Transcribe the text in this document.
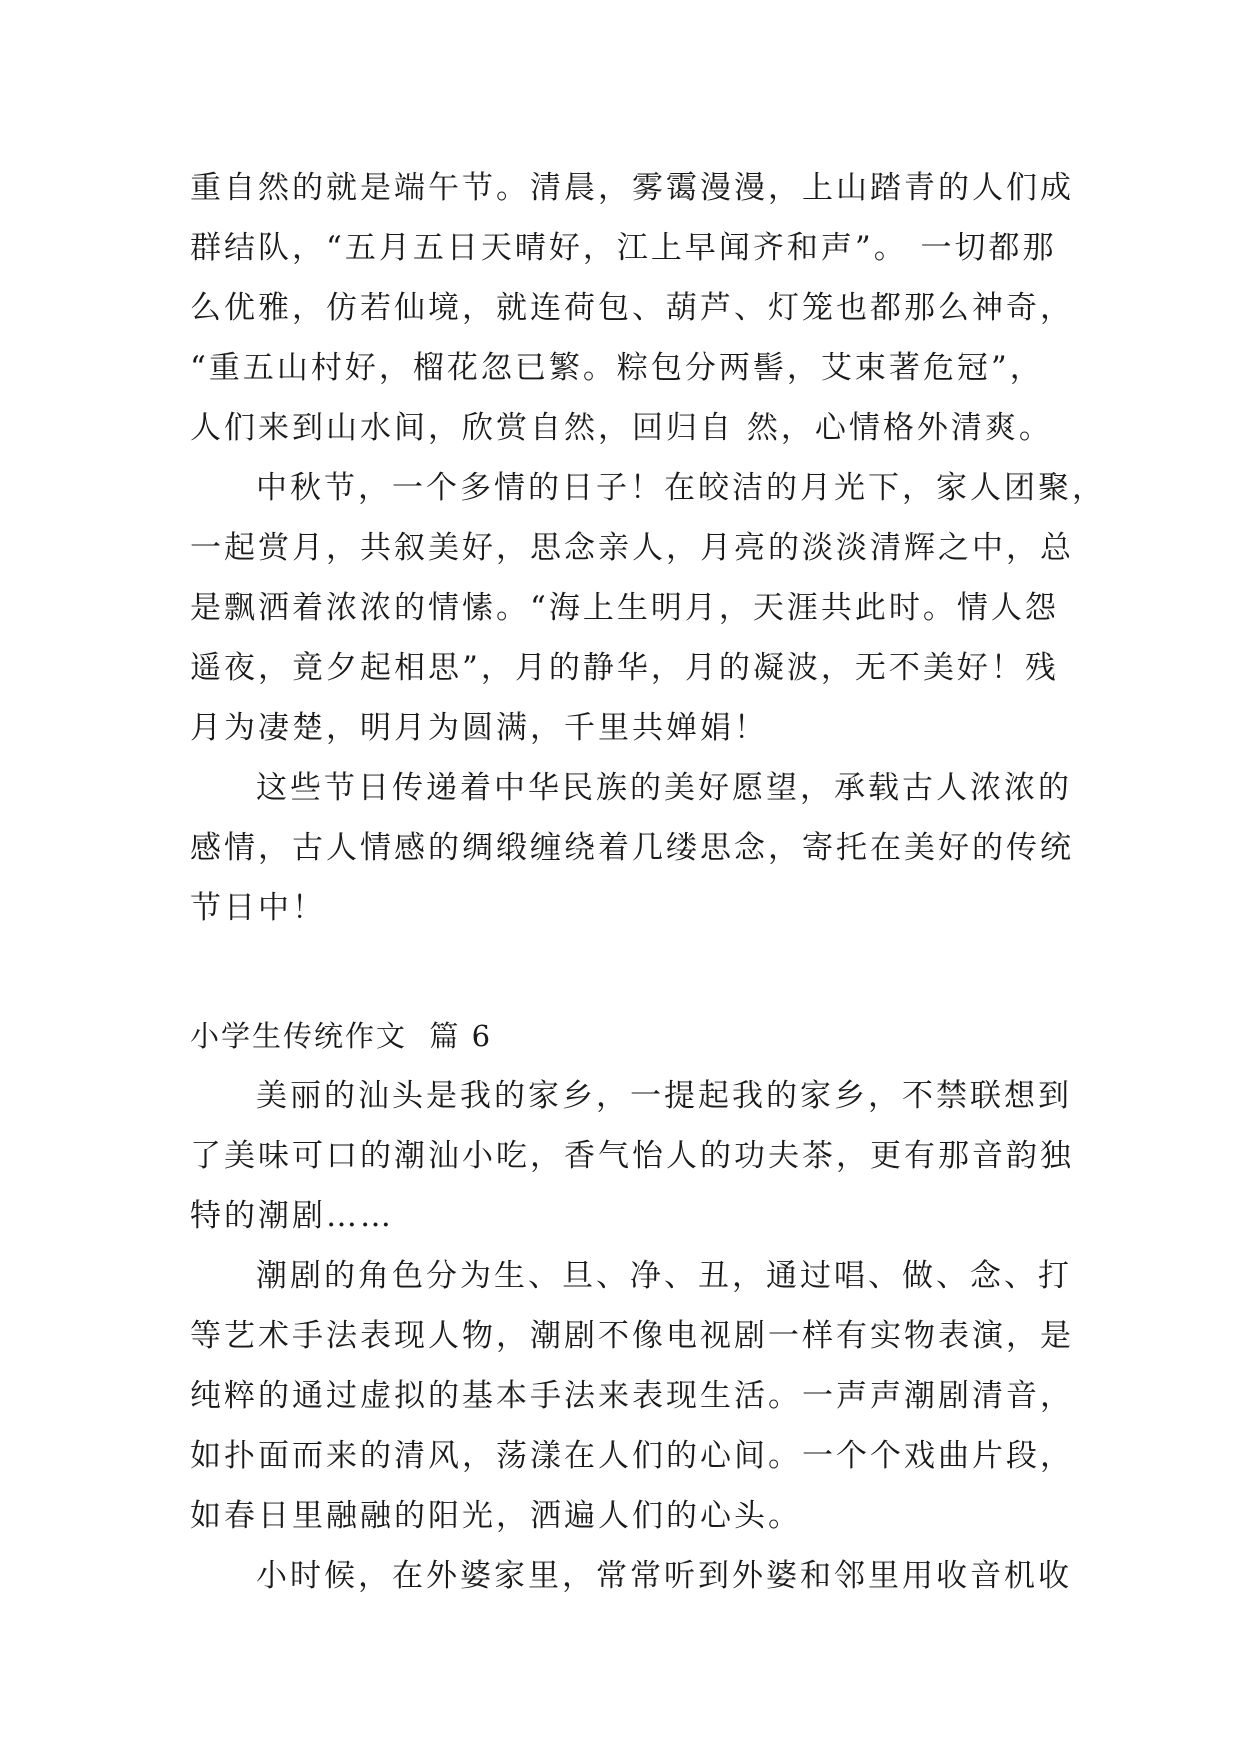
重自然的就是端午节。清晨，雾霭漫漫，上山踏青的人们成
群结队，“五月五日天晴好，江上早闻齐和声”。 一切都那
么优雅，仿若仙境，就连荷包、葫芦、灯笼也都那么神奇，
“重五山村好，榴花忽已繁。粽包分两髻，艾束著危冠”，
人们来到山水间，欣赏自然，回归自 然，心情格外清爽。
中秋节，一个多情的日子！在皎洁的月光下，家人团聚，
一起赏月，共叙美好，思念亲人，月亮的淡淡清辉之中，总
是飘洒着浓浓的情愫。“海上生明月，天涯共此时。情人怨
遥夜，竟夕起相思”，月的静华，月的凝波，无不美好！残
月为凄楚，明月为圆满，千里共婵娟！
这些节日传递着中华民族的美好愿望，承载古人浓浓的
感情，古人情感的绸缎缠绕着几缕思念，寄托在美好的传统
节日中！
小学生传统作文  篇 6
美丽的汕头是我的家乡，一提起我的家乡，不禁联想到
了美味可口的潮汕小吃，香气怡人的功夫茶，更有那音韵独
特的潮剧……
潮剧的角色分为生、旦、净、丑，通过唱、做、念、打
等艺术手法表现人物，潮剧不像电视剧一样有实物表演，是
纯粹的通过虚拟的基本手法来表现生活。一声声潮剧清音，
如扑面而来的清风，荡漾在人们的心间。一个个戏曲片段，
如春日里融融的阳光，洒遍人们的心头。
小时候，在外婆家里，常常听到外婆和邻里用收音机收
